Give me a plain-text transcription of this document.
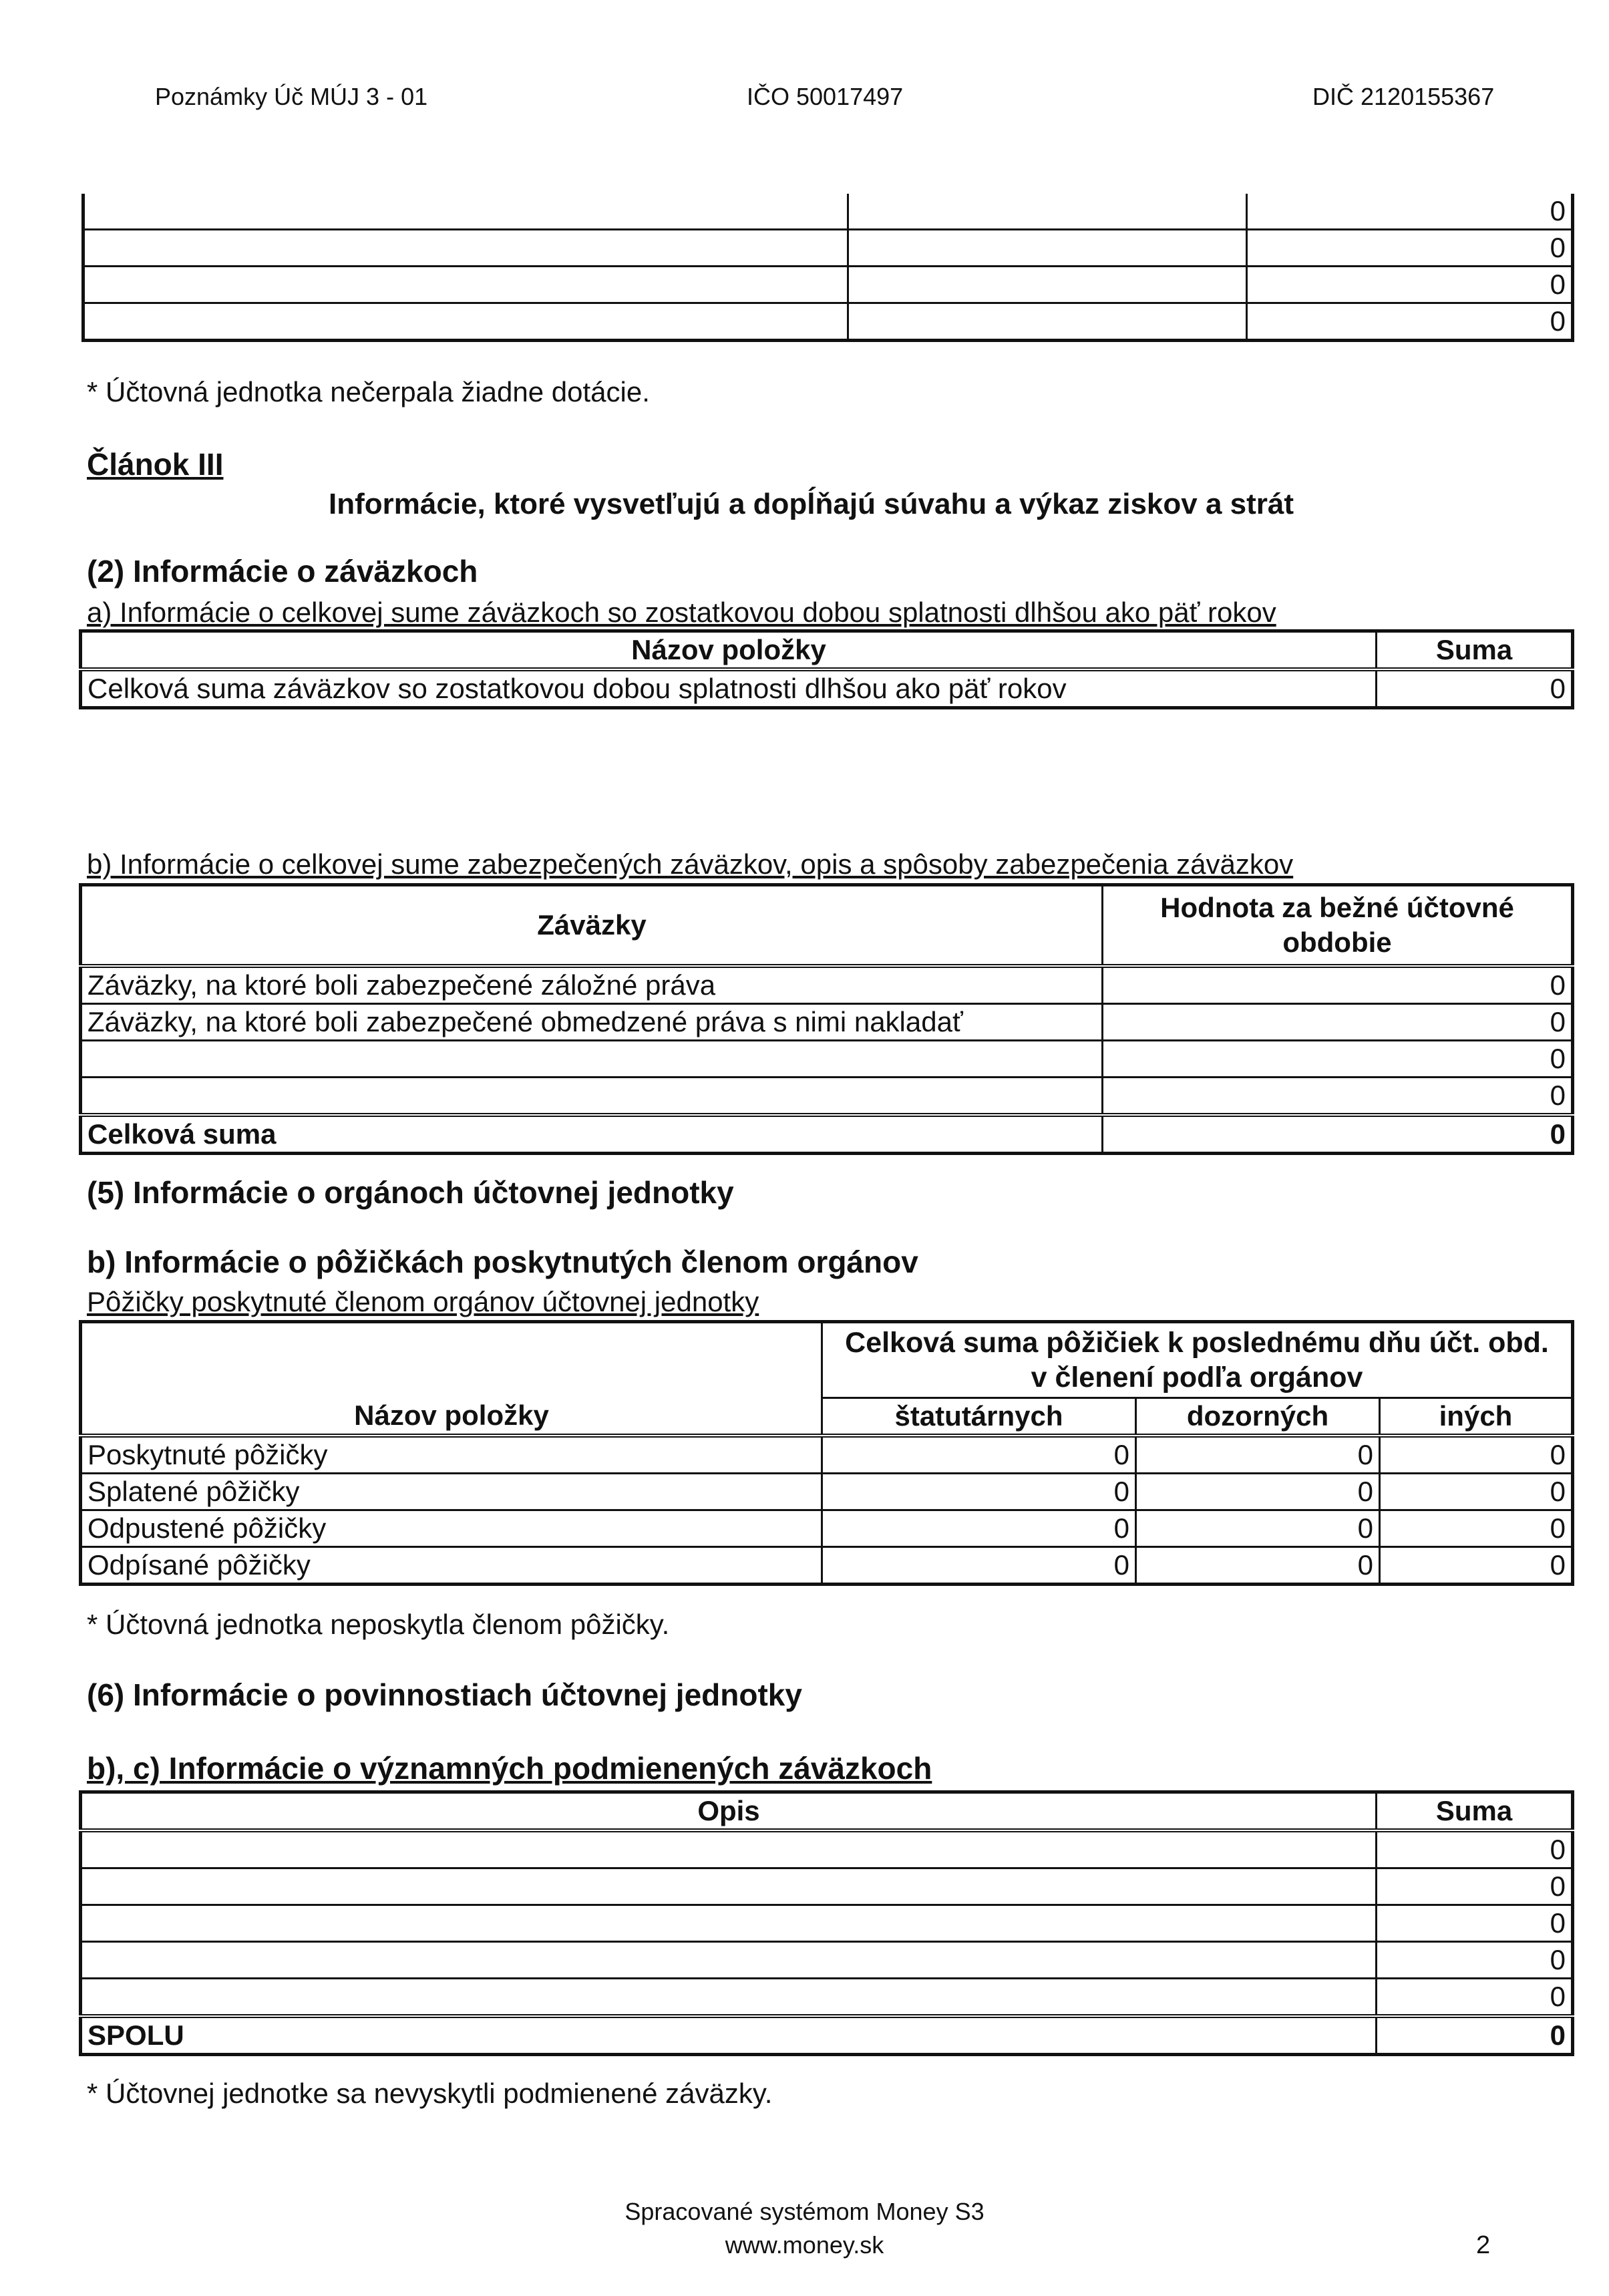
Poznámky Úč MÚJ 3 - 01	IČO 50017497	DIČ 2120155367
		0
		0
		0
		0
* Účtovná jednotka nečerpala žiadne dotácie.
Článok III
Informácie, ktoré vysvetľujú a dopĺňajú súvahu a výkaz ziskov a strát
(2) Informácie o záväzkoch
a) Informácie o celkovej sume záväzkoch so zostatkovou dobou splatnosti dlhšou ako päť rokov
Názov položky	Suma
Celková suma záväzkov so zostatkovou dobou splatnosti dlhšou ako päť rokov	0
b) Informácie o celkovej sume zabezpečených záväzkov, opis a spôsoby zabezpečenia záväzkov
Záväzky	Hodnota za bežné účtovné
obdobie

Záväzky, na ktoré boli zabezpečené záložné práva	0
Záväzky, na ktoré boli zabezpečené obmedzené práva s nimi nakladať	0
	0
	0
Celková suma	0
(5) Informácie o orgánoch účtovnej jednotky
b) Informácie o pôžičkách poskytnutých členom orgánov
Pôžičky poskytnuté členom orgánov účtovnej jednotky

	Celková suma pôžičiek k poslednému dňu účt. obd.
v členení podľa orgánov		

Názov položky	štatutárnych	dozorných	iných
Poskytnuté pôžičky	0	0	0
Splatené pôžičky	0	0	0
Odpustené pôžičky	0	0	0
Odpísané pôžičky	0	0	0
* Účtovná jednotka neposkytla členom pôžičky.
(6) Informácie o povinnostiach účtovnej jednotky
b), c) Informácie o významných podmienených záväzkoch
Opis	Suma
	0
	0
	0
	0
	0
SPOLU	0
* Účtovnej jednotke sa nevyskytli podmienené záväzky.
Spracované systémom Money S3
www.money.sk	2
